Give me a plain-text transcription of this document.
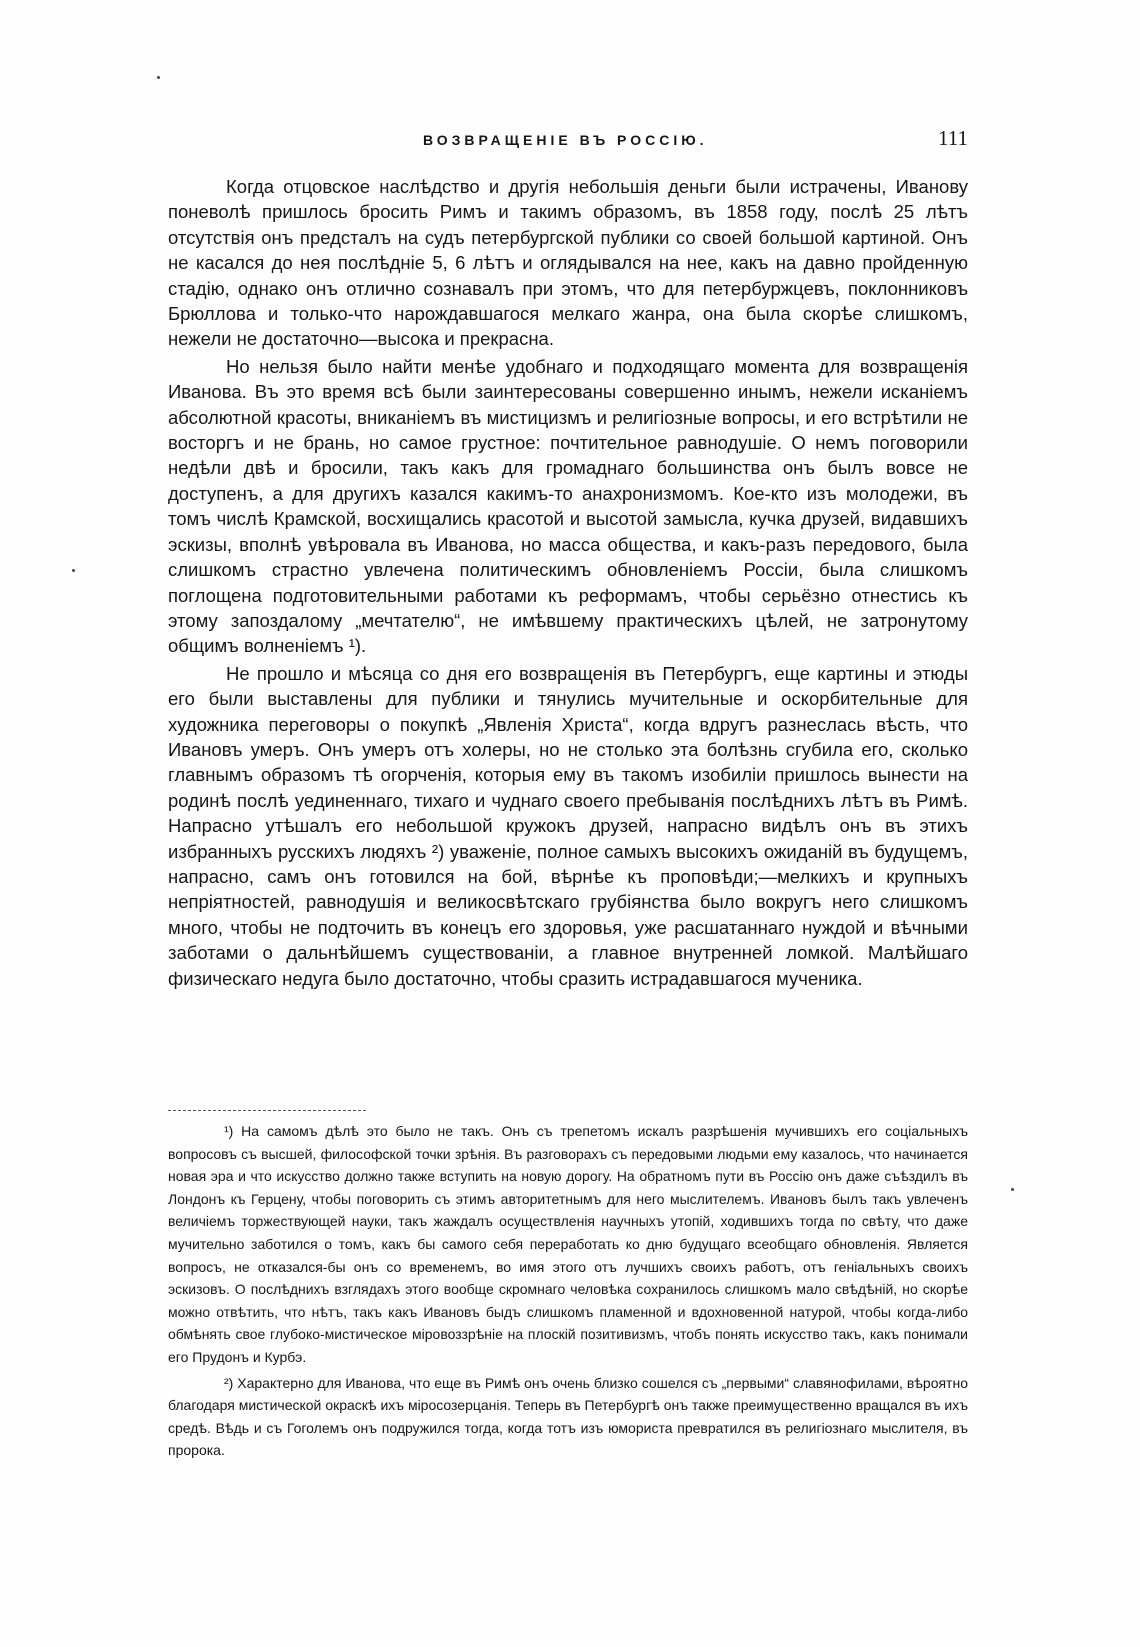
ВОЗВРАЩЕНІЕ ВЪ РОССІЮ.	111

Когда отцовское наслѣдство и другія небольшія деньги были истрачены, Иванову поневолѣ пришлось бросить Римъ и такимъ образомъ, въ 1858 году, послѣ 25 лѣтъ отсутствія онъ предсталъ на судъ петербургской публики со своей большой картиной. Онъ не касался до нея послѣдніе 5, 6 лѣтъ и оглядывался на нее, какъ на давно пройденную стадію, однако онъ отлично сознавалъ при этомъ, что для петербуржцевъ, поклонниковъ Брюллова и только-что нарождавшагося мелкаго жанра, она была скорѣе слишкомъ, нежели не достаточно—высока и прекрасна.

Но нельзя было найти менѣе удобнаго и подходящаго момента для возвращенія Иванова. Въ это время всѣ были заинтересованы совершенно инымъ, нежели исканіемъ абсолютной красоты, вниканіемъ въ мистицизмъ и религіозные вопросы, и его встрѣтили не восторгъ и не брань, но самое грустное: почтительное равнодушіе. О немъ поговорили недѣли двѣ и бросили, такъ какъ для громаднаго большинства онъ былъ вовсе не доступенъ, а для другихъ казался какимъ-то анахронизмомъ. Кое-кто изъ молодежи, въ томъ числѣ Крамской, восхищались красотой и высотой замысла, кучка друзей, видавшихъ эскизы, вполнѣ увѣровала въ Иванова, но масса общества, и какъ-разъ передового, была слишкомъ страстно увлечена политическимъ обновленіемъ Россіи, была слишкомъ поглощена подготовительными работами къ реформамъ, чтобы серьёзно отнестись къ этому запоздалому „мечтателю“, не имѣвшему практическихъ цѣлей, не затронутому общимъ волненіемъ ¹).

Не прошло и мѣсяца со дня его возвращенія въ Петербургъ, еще картины и этюды его были выставлены для публики и тянулись мучительные и оскорбительные для художника переговоры о покупкѣ „Явленія Христа“, когда вдругъ разнеслась вѣсть, что Ивановъ умеръ. Онъ умеръ отъ холеры, но не столько эта болѣзнь сгубила его, сколько главнымъ образомъ тѣ огорченія, которыя ему въ такомъ изобиліи пришлось вынести на родинѣ послѣ уединеннаго, тихаго и чуднаго своего пребыванія послѣднихъ лѣтъ въ Римѣ. Напрасно утѣшалъ его небольшой кружокъ друзей, напрасно видѣлъ онъ въ этихъ избранныхъ русскихъ людяхъ ²) уваженіе, полное самыхъ высокихъ ожиданій въ будущемъ, напрасно, самъ онъ готовился на бой, вѣрнѣе къ проповѣди;—мелкихъ и крупныхъ непріятностей, равнодушія и великосвѣтскаго грубіянства было вокругъ него слишкомъ много, чтобы не подточить въ конецъ его здоровья, уже расшатаннаго нуждой и вѣчными заботами о дальнѣйшемъ существованіи, а главное внутренней ломкой. Малѣйшаго физическаго недуга было достаточно, чтобы сразить истрадавшагося мученика.

¹) На самомъ дѣлѣ это было не такъ. Онъ съ трепетомъ искалъ разрѣшенія мучившихъ его соціальныхъ вопросовъ съ высшей, философской точки зрѣнія. Въ разговорахъ съ передовыми людьми ему казалось, что начинается новая эра и что искусство должно также вступить на новую дорогу. На обратномъ пути въ Россію онъ даже съѣздилъ въ Лондонъ къ Герцену, чтобы поговорить съ этимъ авторитетнымъ для него мыслителемъ. Ивановъ былъ такъ увлеченъ величіемъ торжествующей науки, такъ жаждалъ осуществленія научныхъ утопій, ходившихъ тогда по свѣту, что даже мучительно заботился о томъ, какъ бы самого себя переработать ко дню будущаго всеобщаго обновленія. Является вопросъ, не отказался-бы онъ со временемъ, во имя этого отъ лучшихъ своихъ работъ, отъ геніальныхъ своихъ эскизовъ. О послѣднихъ взглядахъ этого вообще скромнаго человѣка сохранилось слишкомъ мало свѣдѣній, но скорѣе можно отвѣтить, что нѣтъ, такъ какъ Ивановъ быдъ слишкомъ пламенной и вдохновенной натурой, чтобы когда-либо обмѣнять свое глубоко-мистическое міровоззрѣніе на плоскій позитивизмъ, чтобъ понять искусство такъ, какъ понимали его Прудонъ и Курбэ.

²) Характерно для Иванова, что еще въ Римѣ онъ очень близко сошелся съ „первыми“ славянофилами, вѣроятно благодаря мистической окраскѣ ихъ міросозерцанія. Теперь въ Петербургѣ онъ также преимущественно вращался въ ихъ средѣ. Вѣдь и съ Гоголемъ онъ подружился тогда, когда тотъ изъ юмориста превратился въ религіознаго мыслителя, въ пророка.
